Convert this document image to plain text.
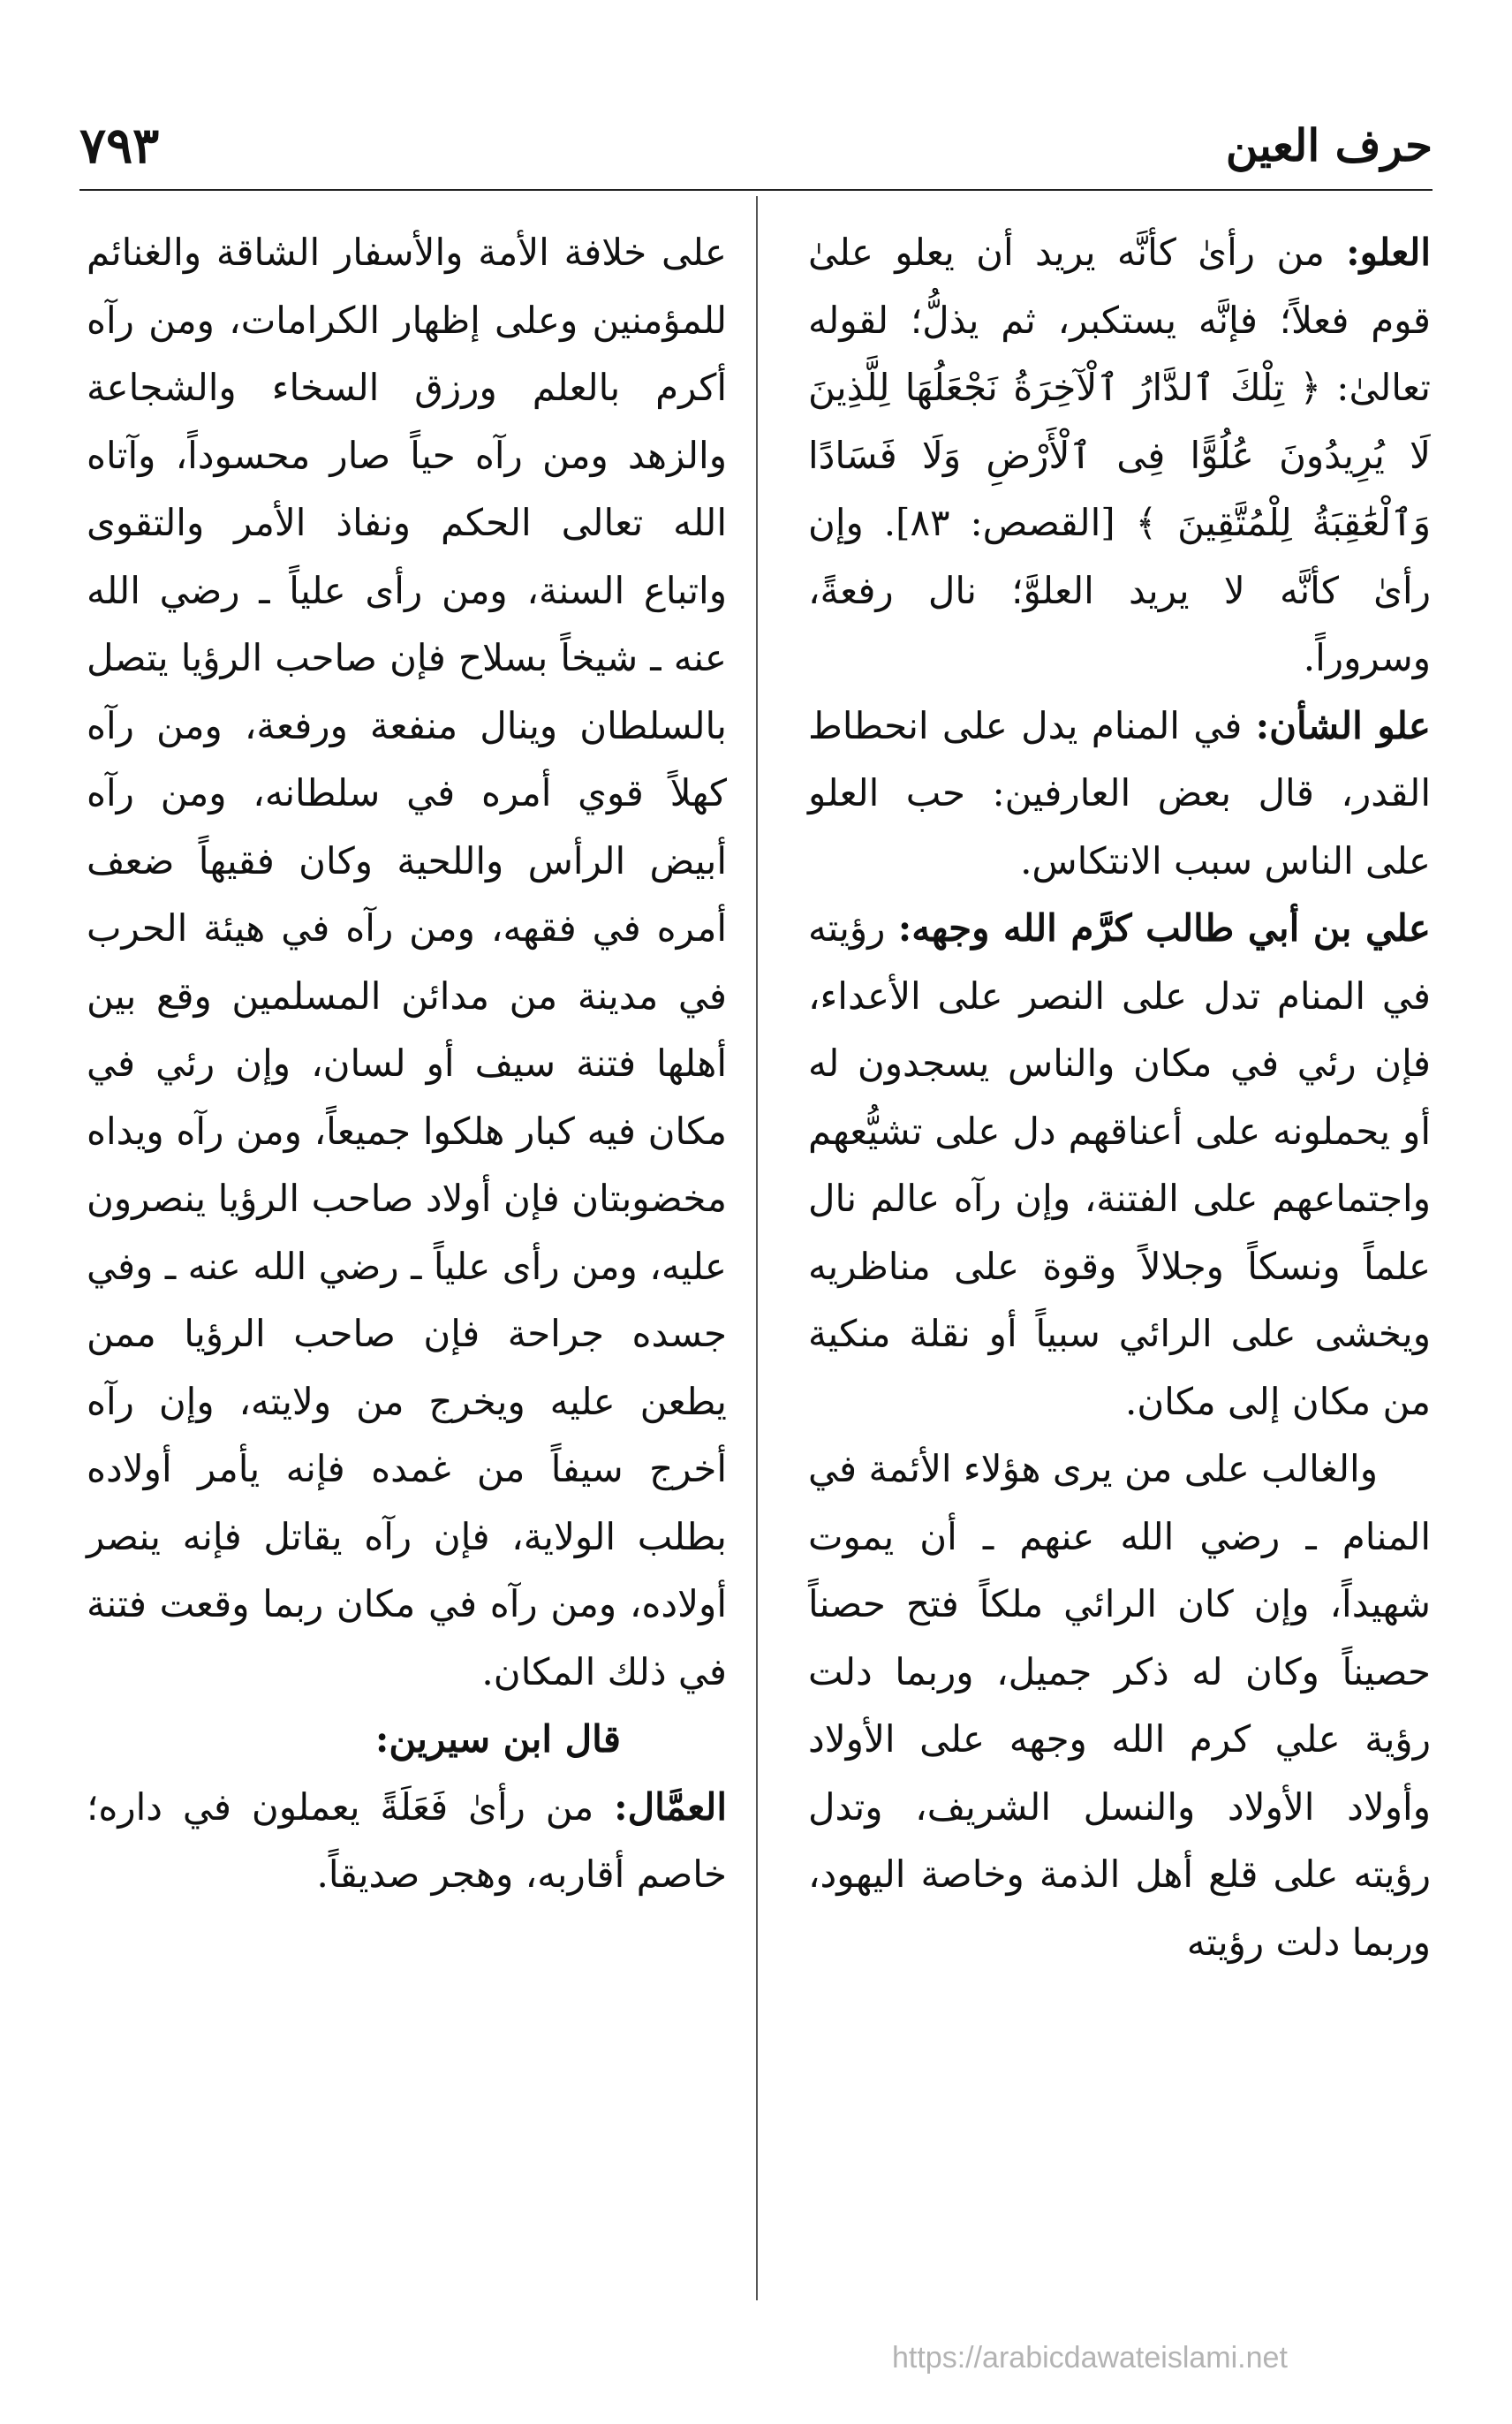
حرف العين
٧٩٣

العلو: من رأىٰ كأنَّه يريد أن يعلو علىٰ قوم فعلاً؛ فإنَّه يستكبر، ثم يذلُّ؛ لقوله تعالىٰ: ﴿ تِلْكَ ٱلدَّارُ ٱلْآخِرَةُ نَجْعَلُهَا لِلَّذِينَ لَا يُرِيدُونَ عُلُوًّا فِى ٱلْأَرْضِ وَلَا فَسَادًا وَٱلْعَٰقِبَةُ لِلْمُتَّقِينَ ﴾ [القصص: ٨٣]. وإن رأىٰ كأنَّه لا يريد العلوَّ؛ نال رفعةً، وسروراً.

علو الشأن: في المنام يدل على انحطاط القدر، قال بعض العارفين: حب العلو على الناس سبب الانتكاس.

علي بن أبي طالب كرَّم الله وجهه: رؤيته في المنام تدل على النصر على الأعداء، فإن رئي في مكان والناس يسجدون له أو يحملونه على أعناقهم دل على تشيُّعهم واجتماعهم على الفتنة، وإن رآه عالم نال علماً ونسكاً وجلالاً وقوة على مناظريه ويخشى على الرائي سبياً أو نقلة منكية من مكان إلى مكان.

والغالب على من يرى هؤلاء الأئمة في المنام ـ رضي الله عنهم ـ أن يموت شهيداً، وإن كان الرائي ملكاً فتح حصناً حصيناً وكان له ذكر جميل، وربما دلت رؤية علي كرم الله وجهه على الأولاد وأولاد الأولاد والنسل الشريف، وتدل رؤيته على قلع أهل الذمة وخاصة اليهود، وربما دلت رؤيته

على خلافة الأمة والأسفار الشاقة والغنائم للمؤمنين وعلى إظهار الكرامات، ومن رآه أكرم بالعلم ورزق السخاء والشجاعة والزهد ومن رآه حياً صار محسوداً، وآتاه الله تعالى الحكم ونفاذ الأمر والتقوى واتباع السنة، ومن رأى علياً ـ رضي الله عنه ـ شيخاً بسلاح فإن صاحب الرؤيا يتصل بالسلطان وينال منفعة ورفعة، ومن رآه كهلاً قوي أمره في سلطانه، ومن رآه أبيض الرأس واللحية وكان فقيهاً ضعف أمره في فقهه، ومن رآه في هيئة الحرب في مدينة من مدائن المسلمين وقع بين أهلها فتنة سيف أو لسان، وإن رئي في مكان فيه كبار هلكوا جميعاً، ومن رآه ويداه مخضوبتان فإن أولاد صاحب الرؤيا ينصرون عليه، ومن رأى علياً ـ رضي الله عنه ـ وفي جسده جراحة فإن صاحب الرؤيا ممن يطعن عليه ويخرج من ولايته، وإن رآه أخرج سيفاً من غمده فإنه يأمر أولاده بطلب الولاية، فإن رآه يقاتل فإنه ينصر أولاده، ومن رآه في مكان ربما وقعت فتنة في ذلك المكان.

قال ابن سيرين:

العمَّال: من رأىٰ فَعَلَةً يعملون في داره؛ خاصم أقاربه، وهجر صديقاً.

https://arabicdawateislami.net
